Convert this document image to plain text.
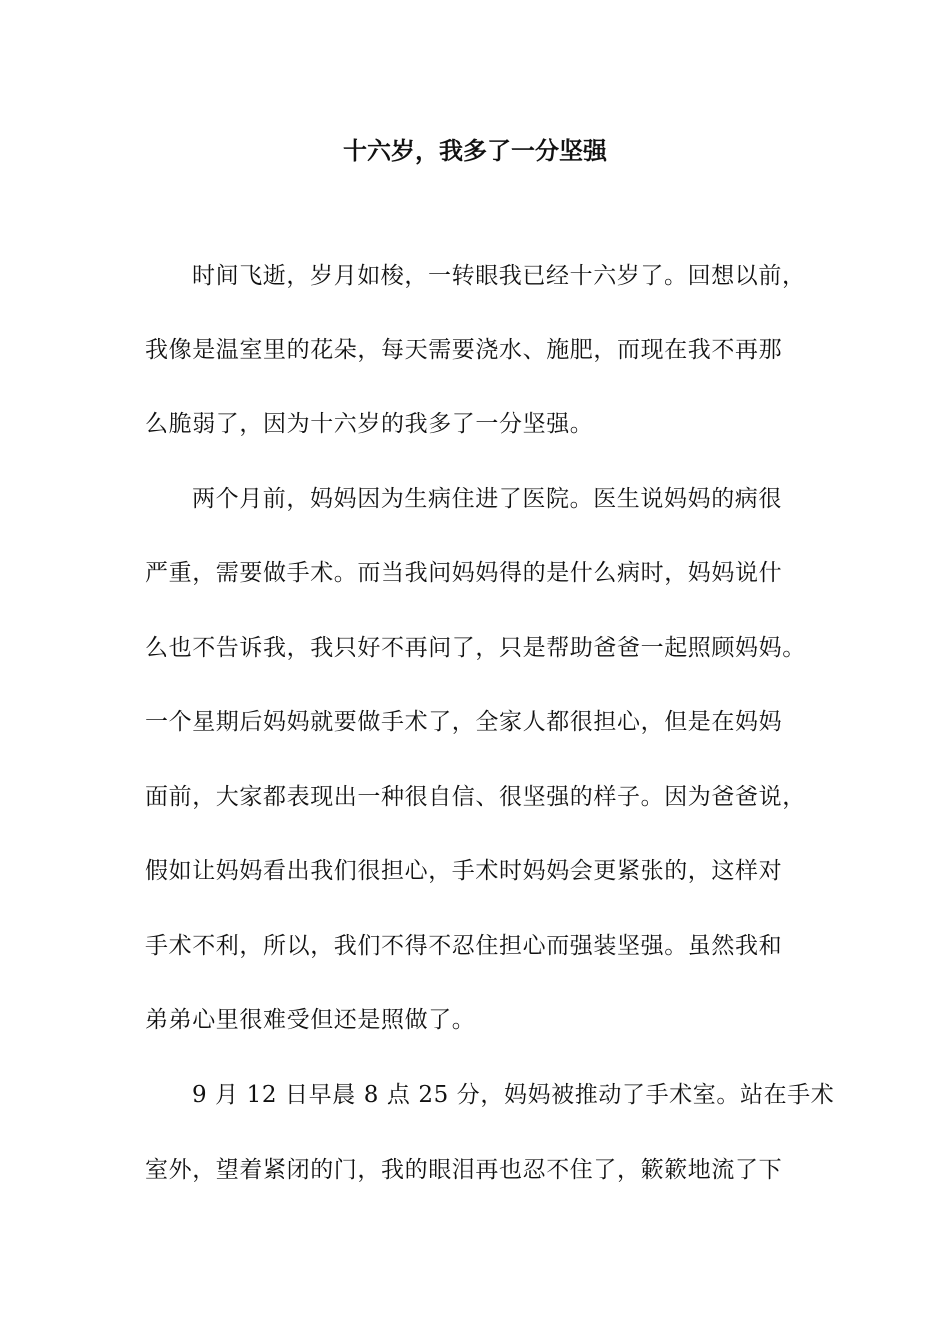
十六岁，我多了一分坚强
时间飞逝，岁月如梭，一转眼我已经十六岁了。回想以前，
我像是温室里的花朵，每天需要浇水、施肥，而现在我不再那
么脆弱了，因为十六岁的我多了一分坚强。
两个月前，妈妈因为生病住进了医院。医生说妈妈的病很
严重，需要做手术。而当我问妈妈得的是什么病时，妈妈说什
么也不告诉我，我只好不再问了，只是帮助爸爸一起照顾妈妈。
一个星期后妈妈就要做手术了，全家人都很担心，但是在妈妈
面前，大家都表现出一种很自信、很坚强的样子。因为爸爸说，
假如让妈妈看出我们很担心，手术时妈妈会更紧张的，这样对
手术不利，所以，我们不得不忍住担心而强装坚强。虽然我和
弟弟心里很难受但还是照做了。
9 月 12 日早晨 8 点 25 分，妈妈被推动了手术室。站在手术
室外，望着紧闭的门，我的眼泪再也忍不住了，簌簌地流了下
